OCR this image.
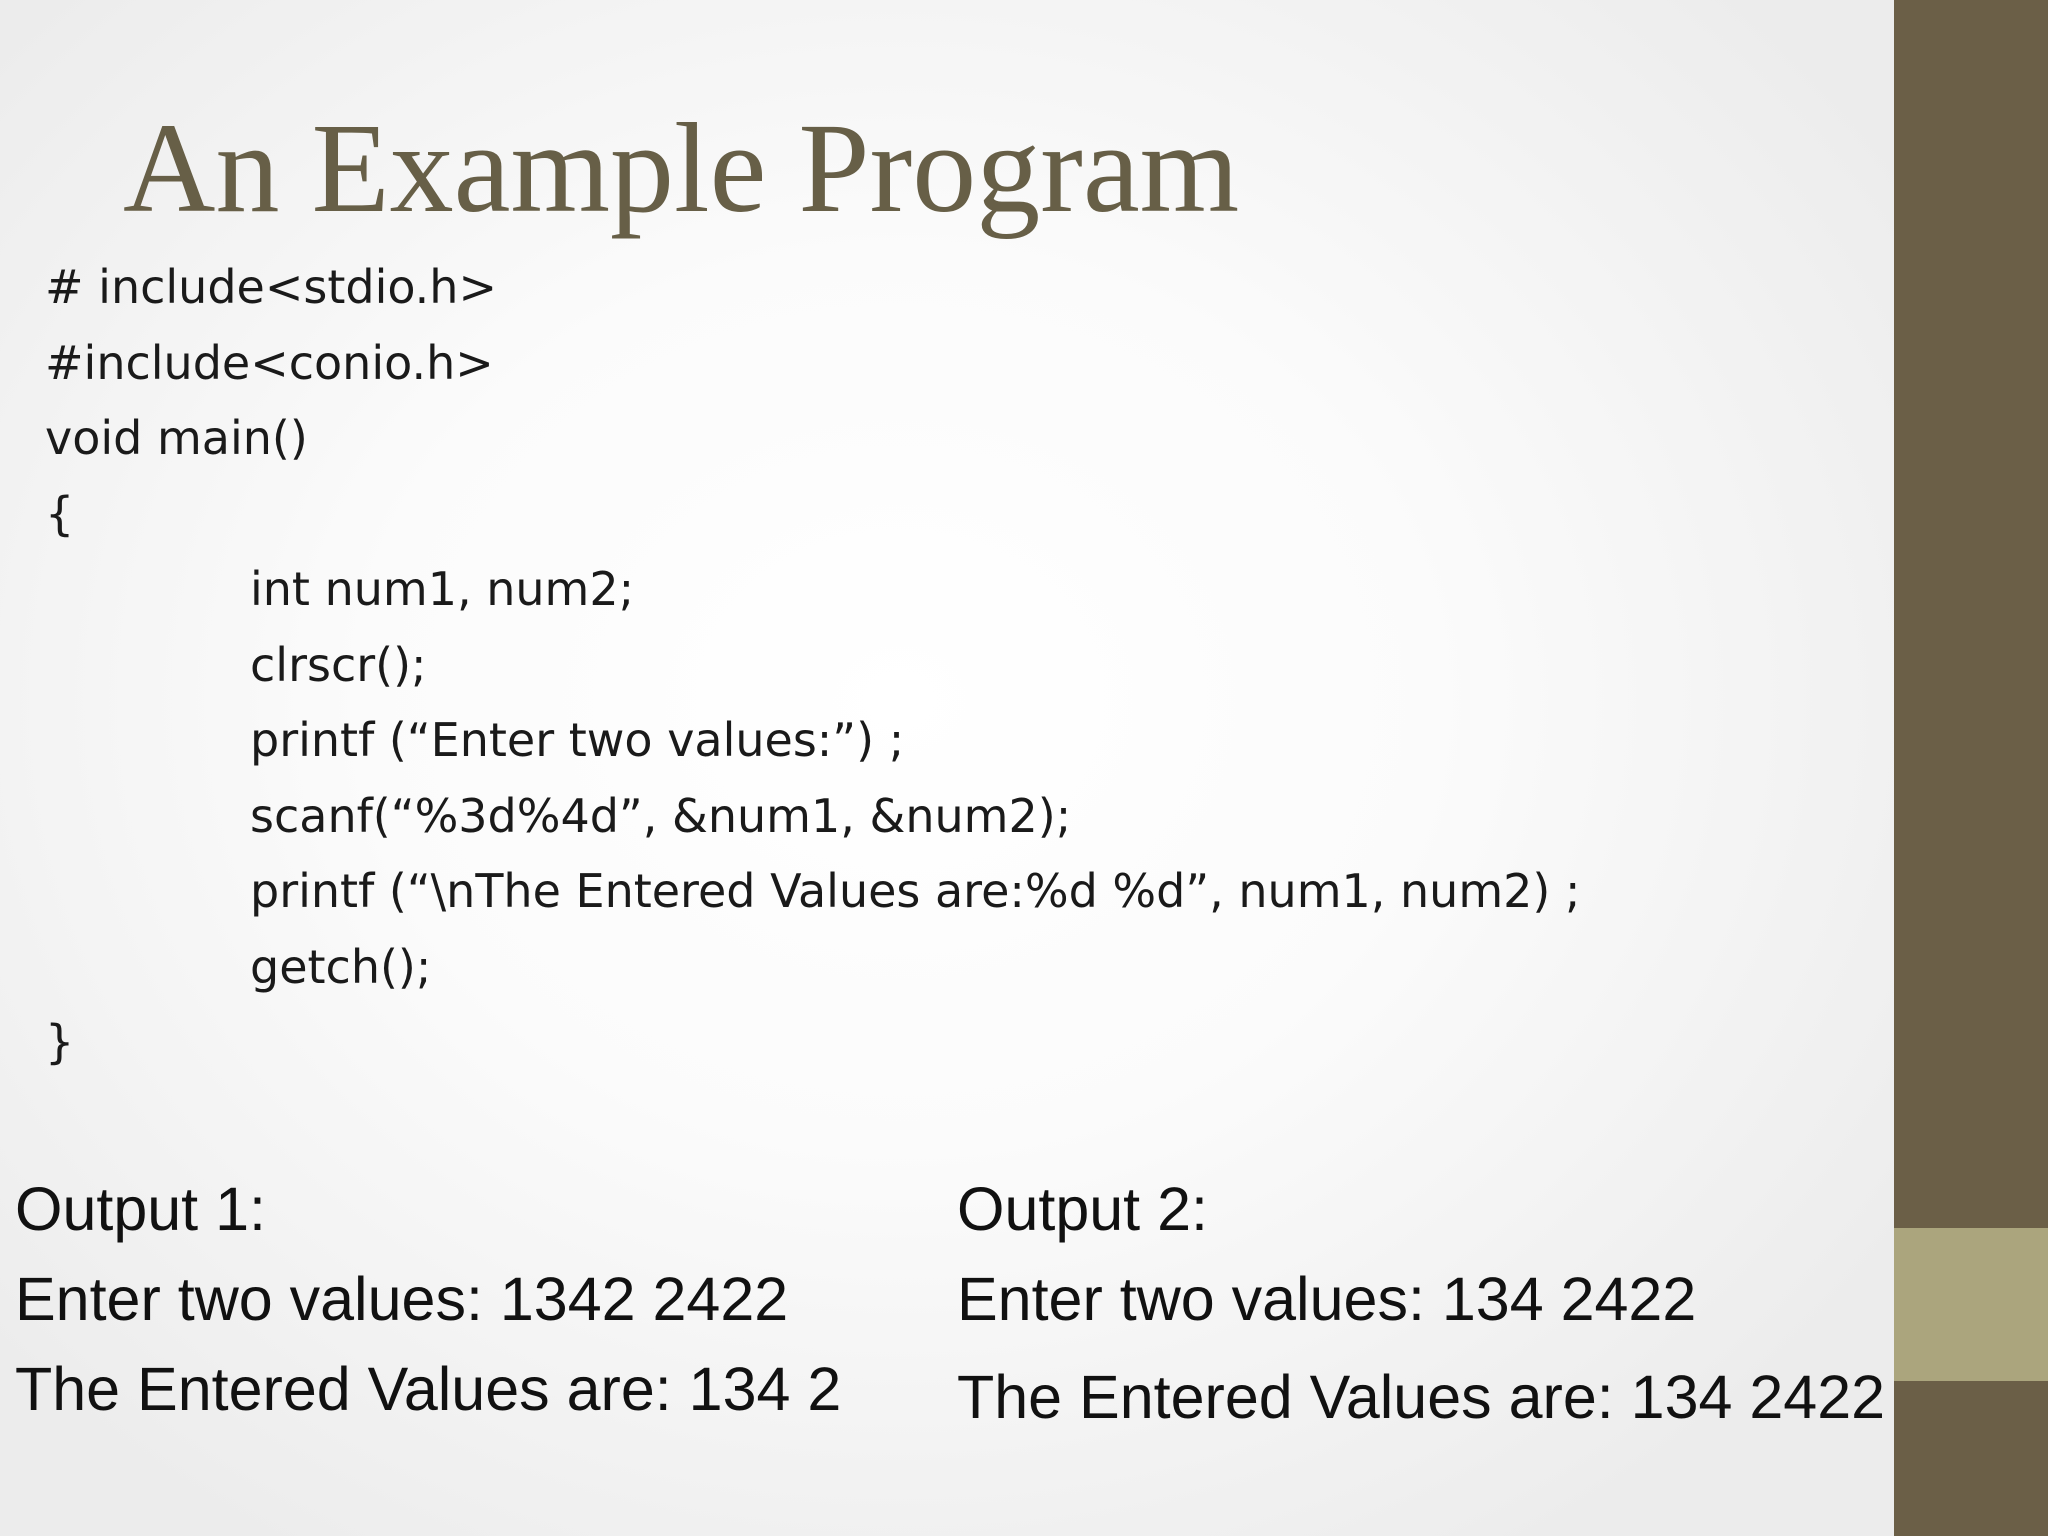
An Example Program
# include<stdio.h>
#include<conio.h>
void main()
{
int num1, num2;
clrscr();
printf (“Enter two values:”) ;
scanf(“%3d%4d”, &num1, &num2);
printf (“\nThe Entered Values are:%d %d”, num1, num2) ;
getch();
}
Output 1:
Enter two values: 1342 2422
The Entered Values are: 134 2
Output 2:
Enter two values: 134 2422
The Entered Values are: 134 2422
